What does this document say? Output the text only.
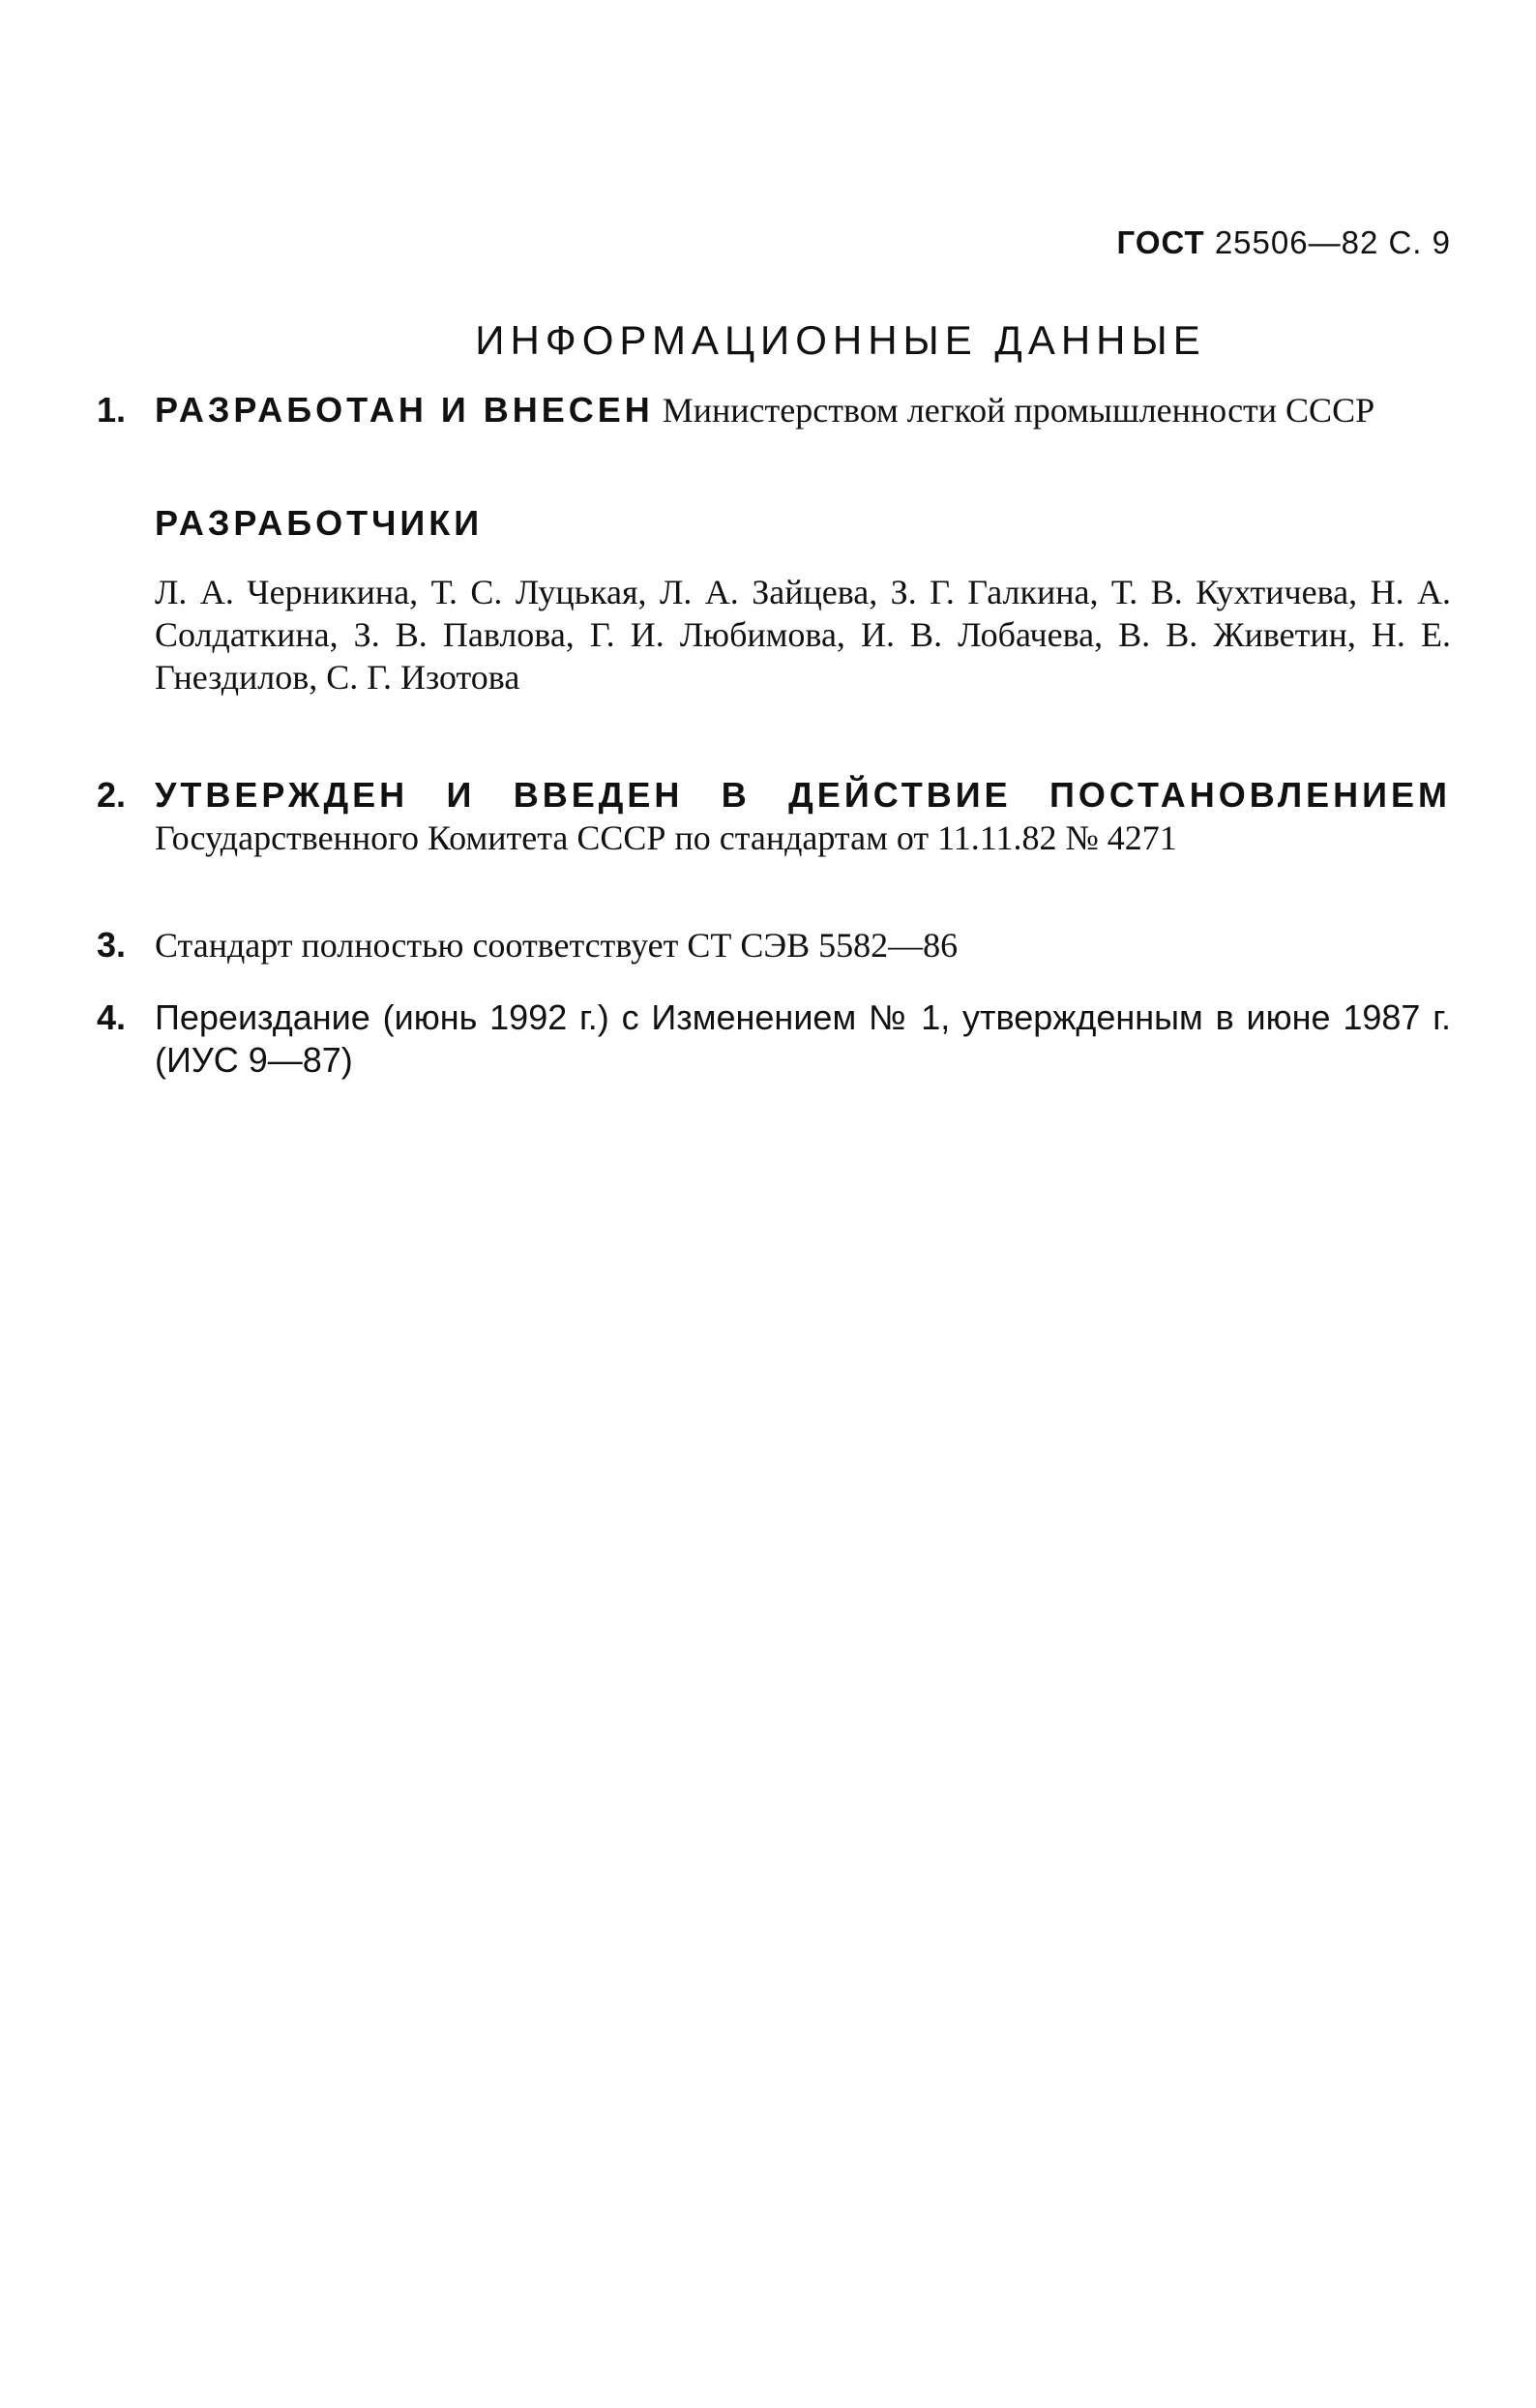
ГОСТ 25506—82 С. 9
ИНФОРМАЦИОННЫЕ ДАННЫЕ
1. РАЗРАБОТАН И ВНЕСЕН Министерством легкой промышленности СССР
РАЗРАБОТЧИКИ
Л. А. Черникина, Т. С. Луцькая, Л. А. Зайцева, З. Г. Галкина, Т. В. Кухтичева, Н. А. Солдаткина, З. В. Павлова, Г. И. Любимова, И. В. Лобачева, В. В. Живетин, Н. Е. Гнездилов, С. Г. Изотова
2. УТВЕРЖДЕН И ВВЕДЕН В ДЕЙСТВИЕ ПОСТАНОВЛЕНИЕМ Государственного Комитета СССР по стандартам от 11.11.82 № 4271
3. Стандарт полностью соответствует СТ СЭВ 5582—86
4. Переиздание (июнь 1992 г.) с Изменением № 1, утвержденным в июне 1987 г. (ИУС 9—87)
